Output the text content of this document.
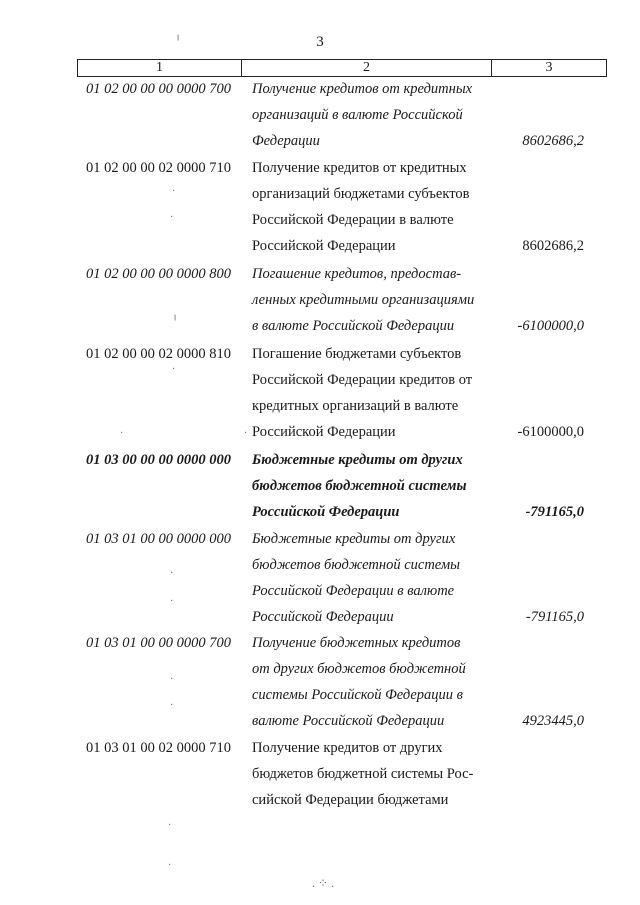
3
╷
1	2	3
01 02 00 00 00 0000 700	Получение кредитов от кредитных
организаций в валюте Российской
Федерации	8602686,2
01 02 00 00 02 0000 710	Получение кредитов от кредитных
организаций бюджетами субъектов
Российской Федерации в валюте
Российской Федерации	8602686,2
01 02 00 00 00 0000 800	Погашение кредитов, предостав-
ленных кредитными организациями
в валюте Российской Федерации	-6100000,0
01 02 00 00 02 0000 810	Погашение бюджетами субъектов
Российской Федерации кредитов от
кредитных организаций в валюте
Российской Федерации	-6100000,0
01 03 00 00 00 0000 000	Бюджетные кредиты от других
бюджетов бюджетной системы
Российской Федерации	-791165,0
01 03 01 00 00 0000 000	Бюджетные кредиты от других
бюджетов бюджетной системы
Российской Федерации в валюте
Российской Федерации	-791165,0
01 03 01 00 00 0000 700	Получение бюджетных кредитов
от других бюджетов бюджетной
системы Российской Федерации в
валюте Российской Федерации	4923445,0
01 03 01 00 02 0000 710	Получение кредитов от других
бюджетов бюджетной системы Рос-
сийской Федерации бюджетами
·
·
╷
·
·	·
·
·
·
·
·
·
. ⁘ .
